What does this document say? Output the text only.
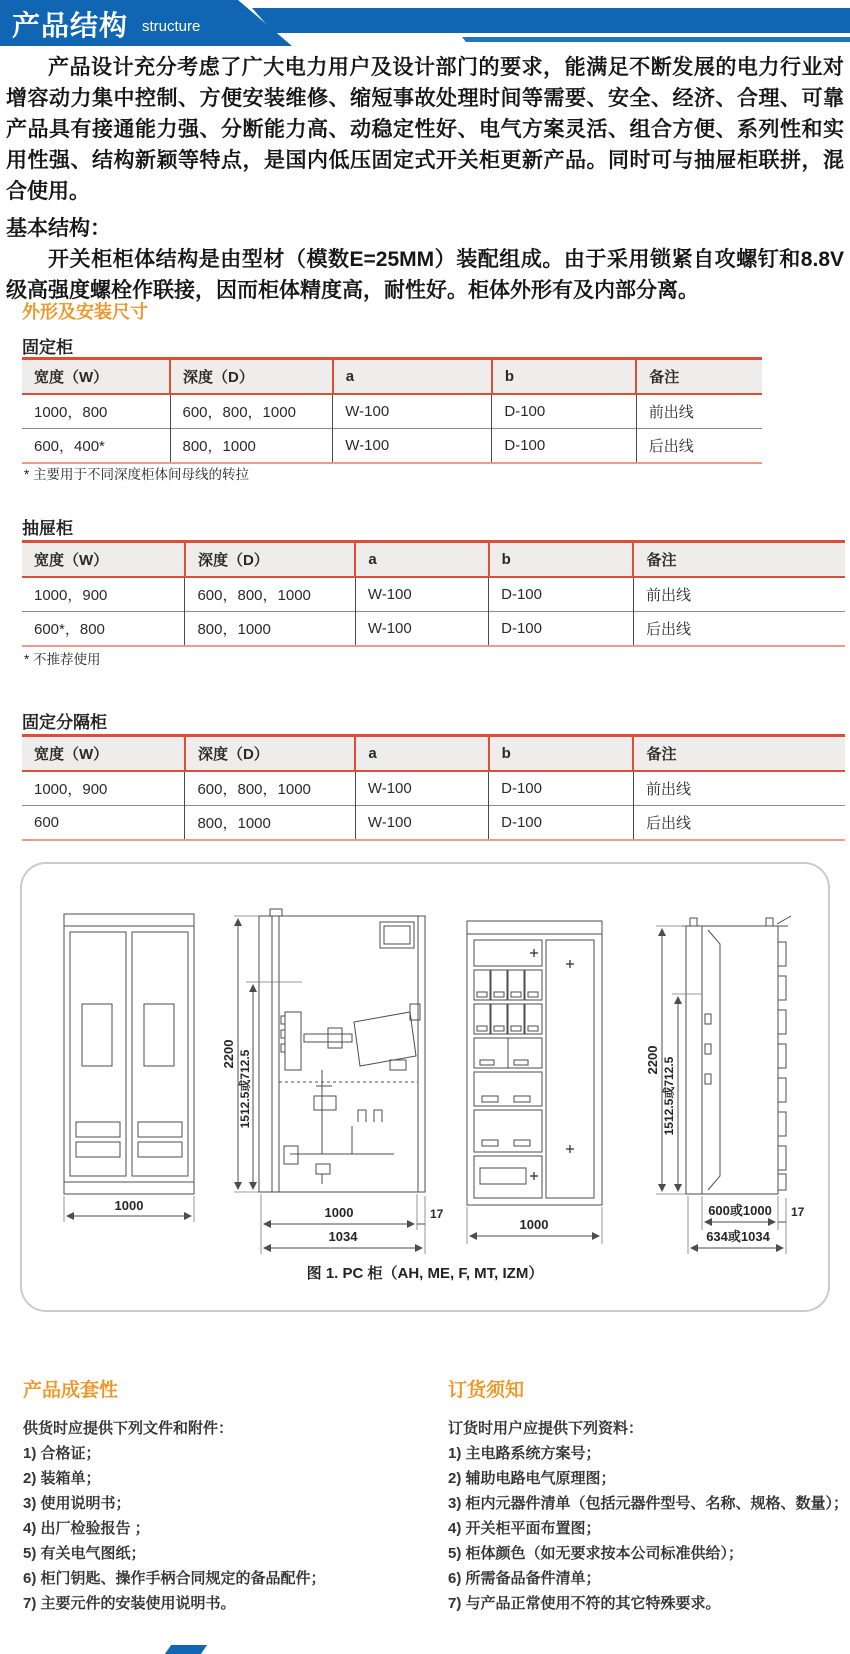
产品结构 structure

产品设计充分考虑了广大电力用户及设计部门的要求，能满足不断发展的电力行业对增容动力集中控制、方便安装维修、缩短事故处理时间等需要、安全、经济、合理、可靠产品具有接通能力强、分断能力高、动稳定性好、电气方案灵活、组合方便、系列性和实用性强、结构新颖等特点，是国内低压固定式开关柜更新产品。同时可与抽屉柜联拼，混合使用。

基本结构：

开关柜柜体结构是由型材（模数E=25MM）装配组成。由于采用锁紧自攻螺钉和8.8V级高强度螺栓作联接，因而柜体精度高，耐性好。柜体外形有及内部分离。

外形及安装尺寸
固定柜
宽度（W）	深度（D）	a	b	备注
1000，800	600，800，1000	W-100	D-100	前出线
600，400*	800，1000	W-100	D-100	后出线
* 主要用于不同深度柜体间母线的转拉
抽屉柜
宽度（W）	深度（D）	a	b	备注
1000，900	600，800，1000	W-100	D-100	前出线
600*，800	800，1000	W-100	D-100	后出线
* 不推荐使用
固定分隔柜
宽度（W）	深度（D）	a	b	备注
1000，900	600，800，1000	W-100	D-100	前出线
600	800，1000	W-100	D-100	后出线
1000
2200 1512.5或712.5
1000	17
1034
1000
2200 1512.5或712.5
600或1000 17
634或1034
图 1. PC 柜（AH, ME, F, MT, IZM）
产品成套性

供货时应提供下列文件和附件：

1) 合格证；
2) 装箱单；
3) 使用说明书；
4) 出厂检验报告 ；
5) 有关电气图纸；
6) 柜门钥匙、操作手柄合同规定的备品配件；
7) 主要元件的安装使用说明书。
订货须知

订货时用户应提供下列资料：

1) 主电路系统方案号；
2) 辅助电路电气原理图；
3) 柜内元器件清单（包括元器件型号、名称、规格、数量）；
4) 开关柜平面布置图；
5) 柜体颜色（如无要求按本公司标准供给）；
6) 所需备品备件清单；
7) 与产品正常使用不符的其它特殊要求。
